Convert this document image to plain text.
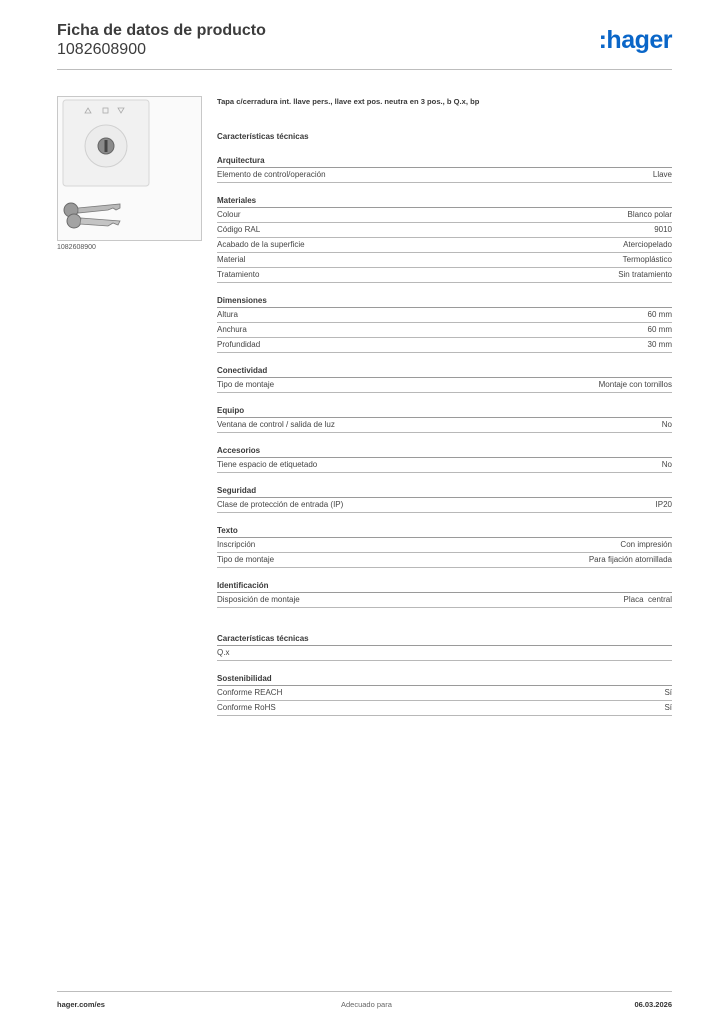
Ficha de datos de producto
1082608900	:hager
1082608900
Tapa c/cerradura int. llave pers., llave ext pos. neutra en 3 pos., b Q.x, bp
Características técnicas
Arquitectura
Elemento de control/operación	Llave
Materiales
Colour	Blanco polar
Código RAL	9010
Acabado de la superficie	Aterciopelado
Material	Termoplástico
Tratamiento	Sin tratamiento
Dimensiones
Altura	60 mm
Anchura	60 mm
Profundidad	30 mm
Conectividad
Tipo de montaje	Montaje con tornillos
Equipo
Ventana de control / salida de luz	No
Accesorios
Tiene espacio de etiquetado	No
Seguridad
Clase de protección de entrada (IP)	IP20
Texto
Inscripción	Con impresión
Tipo de montaje	Para fijación atornillada
Identificación
Disposición de montaje	Placa  central
Características técnicas
Q.x
Sostenibilidad
Conforme REACH	Sí
Conforme RoHS	Sí
hager.com/es	Adecuado para	06.03.2026
